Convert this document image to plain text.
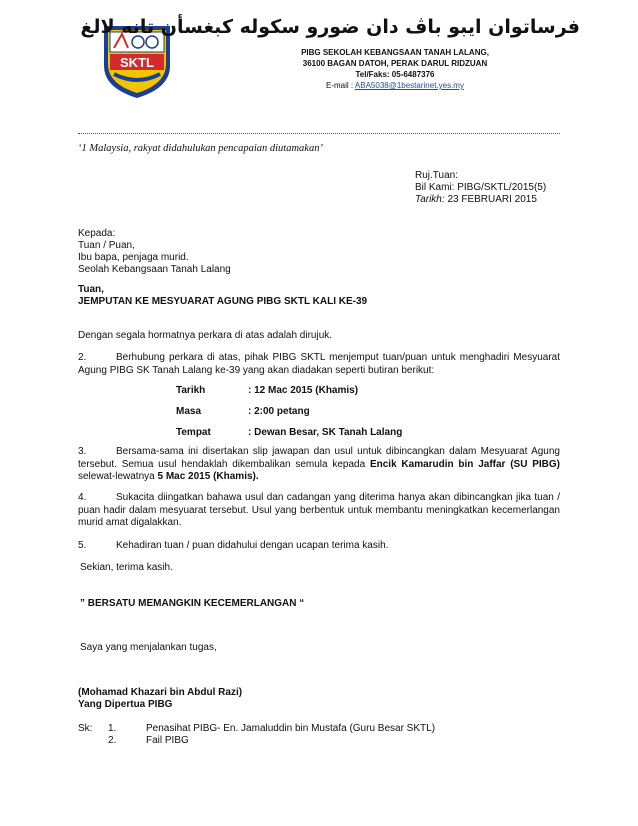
SKTL
فرساتوان ايبو باڤ دان ضورو سکوله کبغسأن تانه لالغ
PIBG SEKOLAH KEBANGSAAN TANAH LALANG,
36100 BAGAN DATOH, PERAK DARUL RIDZUAN
Tel/Faks: 05-6487376
E-mail : ABA5038@1bestarinet.yes.my
‘1 Malaysia, rakyat didahulukan pencapaian diutamakan’
Ruj.Tuan:
Bil Kami: PIBG/SKTL/2015(5)
Tarikh: 23 FEBRUARI 2015
Kepada:
Tuan / Puan,
Ibu bapa, penjaga murid.
Seolah Kebangsaan Tanah Lalang
Tuan,
JEMPUTAN KE MESYUARAT AGUNG PIBG SKTL KALI KE-39
Dengan segala hormatnya perkara di atas adalah dirujuk.
2.	Berhubung perkara di atas, pihak PIBG SKTL menjemput tuan/puan untuk menghadiri Mesyuarat Agung PIBG SK Tanah Lalang ke-39 yang akan diadakan seperti butiran berikut:
Tarikh	: 12 Mac 2015 (Khamis)
Masa	: 2:00 petang
Tempat	: Dewan Besar, SK Tanah Lalang
3.	Bersama-sama ini disertakan slip jawapan dan usul untuk dibincangkan dalam Mesyuarat Agung tersebut. Semua usul hendaklah dikembalikan semula kepada Encik Kamarudin bin Jaffar (SU PIBG) selewat-lewatnya 5 Mac 2015 (Khamis).
4.	Sukacita diingatkan bahawa usul dan cadangan yang diterima hanya akan dibincangkan jika tuan / puan hadir dalam mesyuarat tersebut. Usul yang berbentuk untuk membantu meningkatkan kecemerlangan murid amat digalakkan.
5.	Kehadiran tuan / puan didahului dengan ucapan terima kasih.
Sekian, terima kasih.
” BERSATU MEMANGKIN KECEMERLANGAN “
Saya yang menjalankan tugas,
(Mohamad Khazari bin Abdul Razi)
Yang Dipertua PIBG
Sk: 1.	Penasihat PIBG- En. Jamaluddin bin Mustafa (Guru Besar SKTL)
2.	Fail PIBG
